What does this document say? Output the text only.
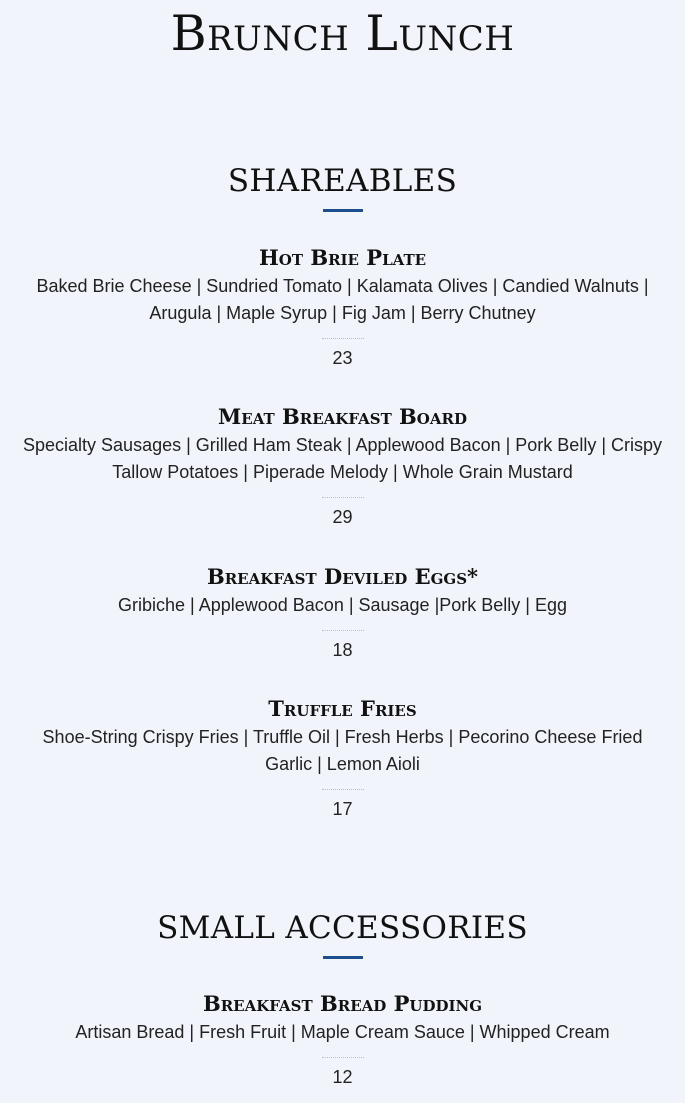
Brunch Lunch
SHAREABLES
Hot Brie Plate
Baked Brie Cheese | Sundried Tomato | Kalamata Olives | Candied Walnuts | Arugula | Maple Syrup | Fig Jam | Berry Chutney
23
Meat Breakfast Board
Specialty Sausages | Grilled Ham Steak | Applewood Bacon | Pork Belly | Crispy Tallow Potatoes | Piperade Melody | Whole Grain Mustard
29
Breakfast Deviled Eggs*
Gribiche | Applewood Bacon | Sausage |Pork Belly | Egg
18
Truffle Fries
Shoe-String Crispy Fries | Truffle Oil | Fresh Herbs | Pecorino Cheese Fried Garlic | Lemon Aioli
17
SMALL ACCESSORIES
Breakfast Bread Pudding
Artisan Bread | Fresh Fruit | Maple Cream Sauce | Whipped Cream
12
